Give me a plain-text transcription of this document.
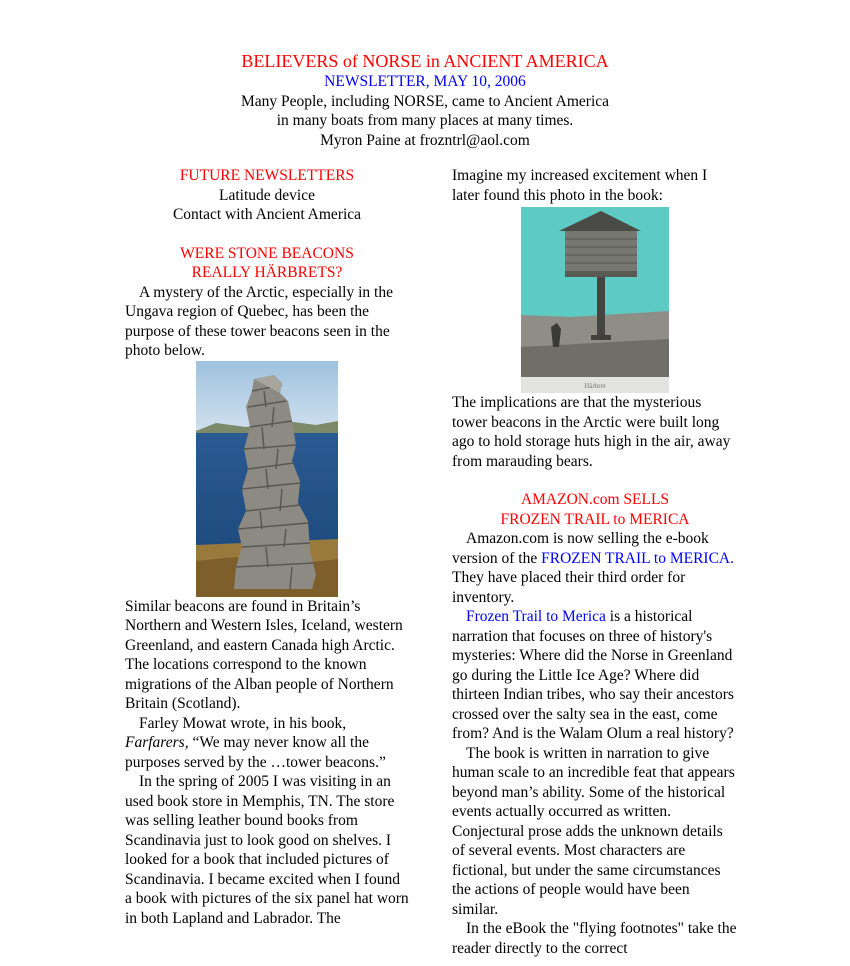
BELIEVERS of NORSE in ANCIENT AMERICA
NEWSLETTER, MAY 10, 2006
Many People, including NORSE, came to Ancient America
in many boats from many places at many times.
Myron Paine at frozntrl@aol.com

FUTURE NEWSLETTERS

Latitude device

Contact with Ancient America

WERE STONE BEACONS

REALLY HÄRBRETS?

A mystery of the Arctic, especially in the Ungava region of Quebec, has been the purpose of these tower beacons seen in the photo below.

Similar beacons are found in Britain’s Northern and Western Isles, Iceland, western Greenland, and eastern Canada high Arctic. The locations correspond to the known migrations of the Alban people of Northern Britain (Scotland).

Farley Mowat wrote, in his book, Farfarers, “We may never know all the purposes served by the …tower beacons.”

In the spring of 2005 I was visiting in an used book store in Memphis, TN. The store was selling leather bound books from Scandinavia just to look good on shelves. I looked for a book that included pictures of Scandinavia. I became excited when I found a book with pictures of the six panel hat worn in both Lapland and Labrador. The

Imagine my increased excitement when I later found this photo in the book:

Härbret

The implications are that the mysterious tower beacons in the Arctic were built long ago to hold storage huts high in the air, away from marauding bears.

AMAZON.com SELLS

FROZEN TRAIL to MERICA

Amazon.com is now selling the e-book version of the FROZEN TRAIL to MERICA. They have placed their third order for inventory.

Frozen Trail to Merica is a historical narration that focuses on three of history's mysteries: Where did the Norse in Greenland go during the Little Ice Age? Where did thirteen Indian tribes, who say their ancestors crossed over the salty sea in the east, come from? And is the Walam Olum a real history?

The book is written in narration to give human scale to an incredible feat that appears beyond man’s ability. Some of the historical events actually occurred as written. Conjectural prose adds the unknown details of several events. Most characters are fictional, but under the same circumstances the actions of people would have been similar.

In the eBook the "flying footnotes" take the reader directly to the correct
